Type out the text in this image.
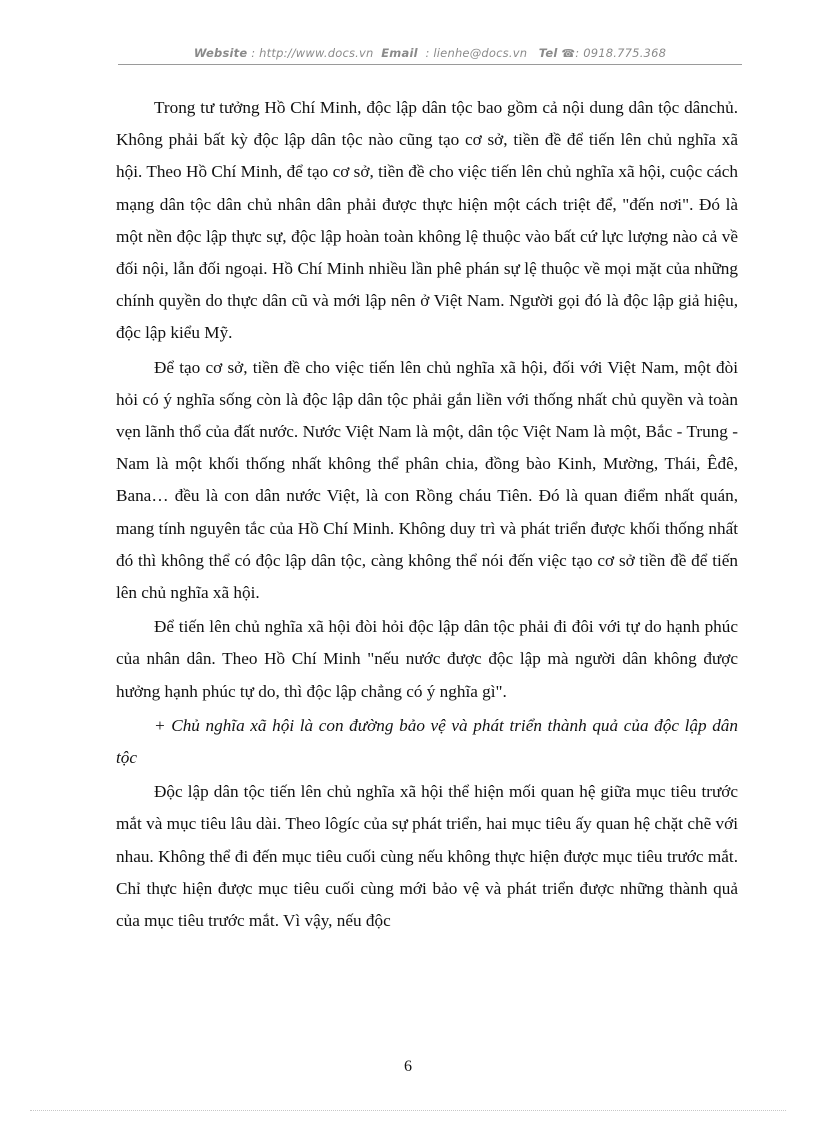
Website : http://www.docs.vn Email  : lienhe@docs.vn Tel ☎: 0918.775.368

Trong tư tưởng Hồ Chí Minh, độc lập dân tộc bao gồm cả nội dung dân tộc dânchủ. Không phải bất kỳ độc lập dân tộc nào cũng tạo cơ sở, tiền đề để tiến lên chủ nghĩa xã hội. Theo Hồ Chí Minh, để tạo cơ sở, tiền đề cho việc tiến lên chủ nghĩa xã hội, cuộc cách mạng dân tộc dân chủ nhân dân phải được thực hiện một cách triệt để, "đến nơi". Đó là một nền độc lập thực sự, độc lập hoàn toàn không lệ thuộc vào bất cứ lực lượng nào cả về đối nội, lẫn đối ngoại. Hồ Chí Minh nhiều lần phê phán sự lệ thuộc về mọi mặt của những chính quyền do thực dân cũ và mới lập nên ở Việt Nam. Người gọi đó là độc lập giả hiệu, độc lập kiểu Mỹ.

Để tạo cơ sở, tiền đề cho việc tiến lên chủ nghĩa xã hội, đối với Việt Nam, một đòi hỏi có ý nghĩa sống còn là độc lập dân tộc phải gắn liền với thống nhất chủ quyền và toàn vẹn lãnh thổ của đất nước. Nước Việt Nam là một, dân tộc Việt Nam là một, Bắc - Trung - Nam là một khối thống nhất không thể phân chia, đồng bào Kinh, Mường, Thái, Êđê, Bana… đều là con dân nước Việt, là con Rồng cháu Tiên. Đó là quan điểm nhất quán, mang tính nguyên tắc của Hồ Chí Minh. Không duy trì và phát triển được khối thống nhất đó thì không thể có độc lập dân tộc, càng không thể nói đến việc tạo cơ sở tiền đề để tiến lên chủ nghĩa xã hội.

Để tiến lên chủ nghĩa xã hội đòi hỏi độc lập dân tộc phải đi đôi với tự do hạnh phúc của nhân dân. Theo Hồ Chí Minh "nếu nước được độc lập mà người dân không được hưởng hạnh phúc tự do, thì độc lập chẳng có ý nghĩa gì".

+ Chủ nghĩa xã hội là con đường bảo vệ và phát triển thành quả của độc lập dân tộc

Độc lập dân tộc tiến lên chủ nghĩa xã hội thể hiện mối quan hệ giữa mục tiêu trước mắt và mục tiêu lâu dài. Theo lôgíc của sự phát triển, hai mục tiêu ấy quan hệ chặt chẽ với nhau. Không thể đi đến mục tiêu cuối cùng nếu không thực hiện được mục tiêu trước mắt. Chỉ thực hiện được mục tiêu cuối cùng mới bảo vệ và phát triển được những thành quả của mục tiêu trước mắt. Vì vậy, nếu độc

6
